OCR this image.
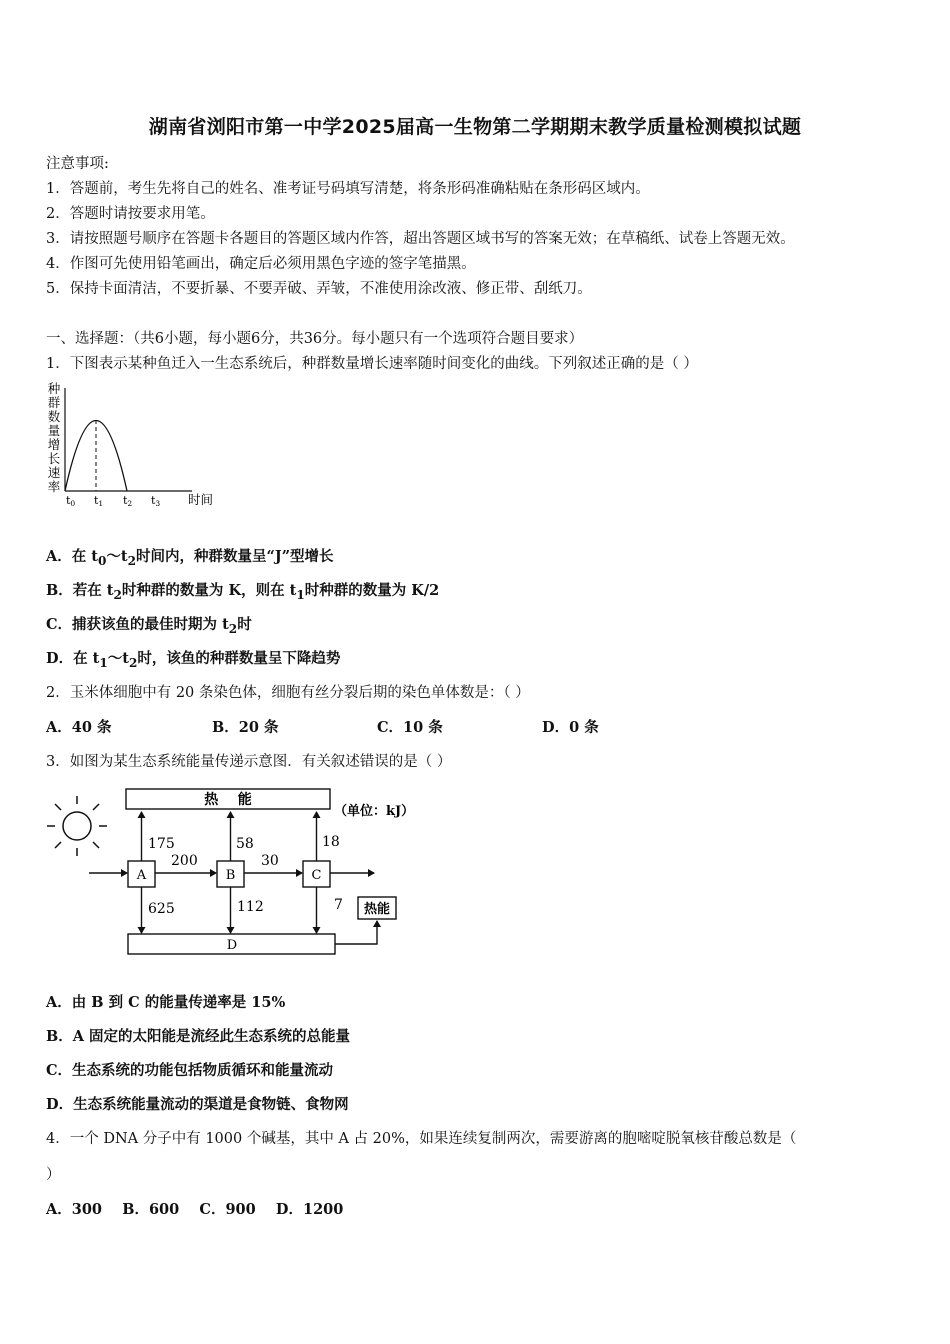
湖南省浏阳市第一中学2025届高一生物第二学期期末教学质量检测模拟试题
注意事项:
1．答题前，考生先将自己的姓名、准考证号码填写清楚，将条形码准确粘贴在条形码区域内。
2．答题时请按要求用笔。
3．请按照题号顺序在答题卡各题目的答题区域内作答，超出答题区域书写的答案无效；在草稿纸、试卷上答题无效。
4．作图可先使用铅笔画出，确定后必须用黑色字迹的签字笔描黑。
5．保持卡面清洁，不要折暴、不要弄破、弄皱，不准使用涂改液、修正带、刮纸刀。
一、选择题：（共6小题，每小题6分，共36分。每小题只有一个选项符合题目要求）
1．下图表示某种鱼迁入一生态系统后，种群数量增长速率随时间变化的曲线。下列叙述正确的是（ ）
种
群
数
量
增
长
速
率
t0 t1 t2 t3 时间
A．在 $t_0\sim t_2$时间内，种群数量呈“J”型增长
B．若在 $t_2$时种群的数量为 K，则在 $t_1$时种群的数量为 K/2
C．捕获该鱼的最佳时期为 $t_2$时
D．在 $t_1\sim t_2$时，该鱼的种群数量呈下降趋势
2．玉米体细胞中有 20 条染色体，细胞有丝分裂后期的染色单体数是：（ ）
A．40 条	B．20 条	C．10 条	D．0 条
3．如图为某生态系统能量传递示意图．有关叙述错误的是（ ）
热    能
（单位：kJ）
A	B	C
175
200
625
58
30
112
18
7 热能
D
A．由 B 到 C 的能量传递率是 15%
B．A 固定的太阳能是流经此生态系统的总能量
C．生态系统的功能包括物质循环和能量流动
D．生态系统能量流动的渠道是食物链、食物网
4．一个 DNA 分子中有 1000 个碱基，其中 A 占 20%，如果连续复制两次，需要游离的胞嘧啶脱氧核苷酸总数是（
）
A．300    B．600    C．900    D．1200
